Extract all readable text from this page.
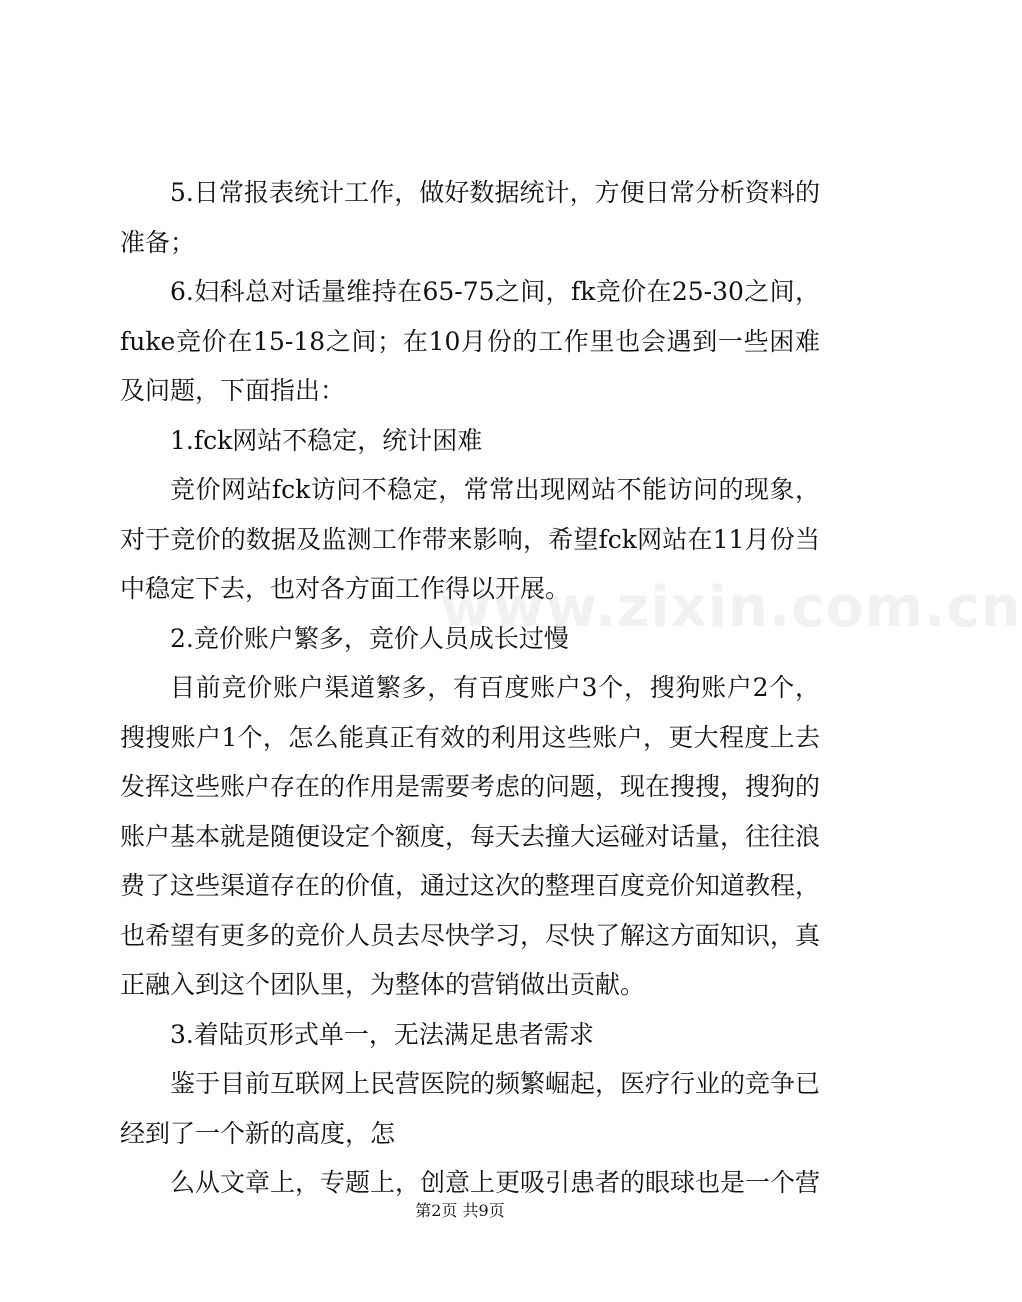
www.zixin.com.cn

5.日常报表统计工作，做好数据统计，方便日常分析资料的准备；

6.妇科总对话量维持在65-75之间，fk竞价在25-30之间，fuke竞价在15-18之间；在10月份的工作里也会遇到一些困难及问题，下面指出：

1.fck网站不稳定，统计困难

竞价网站fck访问不稳定，常常出现网站不能访问的现象，对于竞价的数据及监测工作带来影响，希望fck网站在11月份当中稳定下去，也对各方面工作得以开展。

2.竞价账户繁多，竞价人员成长过慢

目前竞价账户渠道繁多，有百度账户3个，搜狗账户2个，搜搜账户1个，怎么能真正有效的利用这些账户，更大程度上去发挥这些账户存在的作用是需要考虑的问题，现在搜搜，搜狗的账户基本就是随便设定个额度，每天去撞大运碰对话量，往往浪费了这些渠道存在的价值，通过这次的整理百度竞价知道教程，也希望有更多的竞价人员去尽快学习，尽快了解这方面知识，真正融入到这个团队里，为整体的营销做出贡献。

3.着陆页形式单一，无法满足患者需求

鉴于目前互联网上民营医院的频繁崛起，医疗行业的竞争已经到了一个新的高度，怎

么从文章上，专题上，创意上更吸引患者的眼球也是一个营

第2页 共9页
